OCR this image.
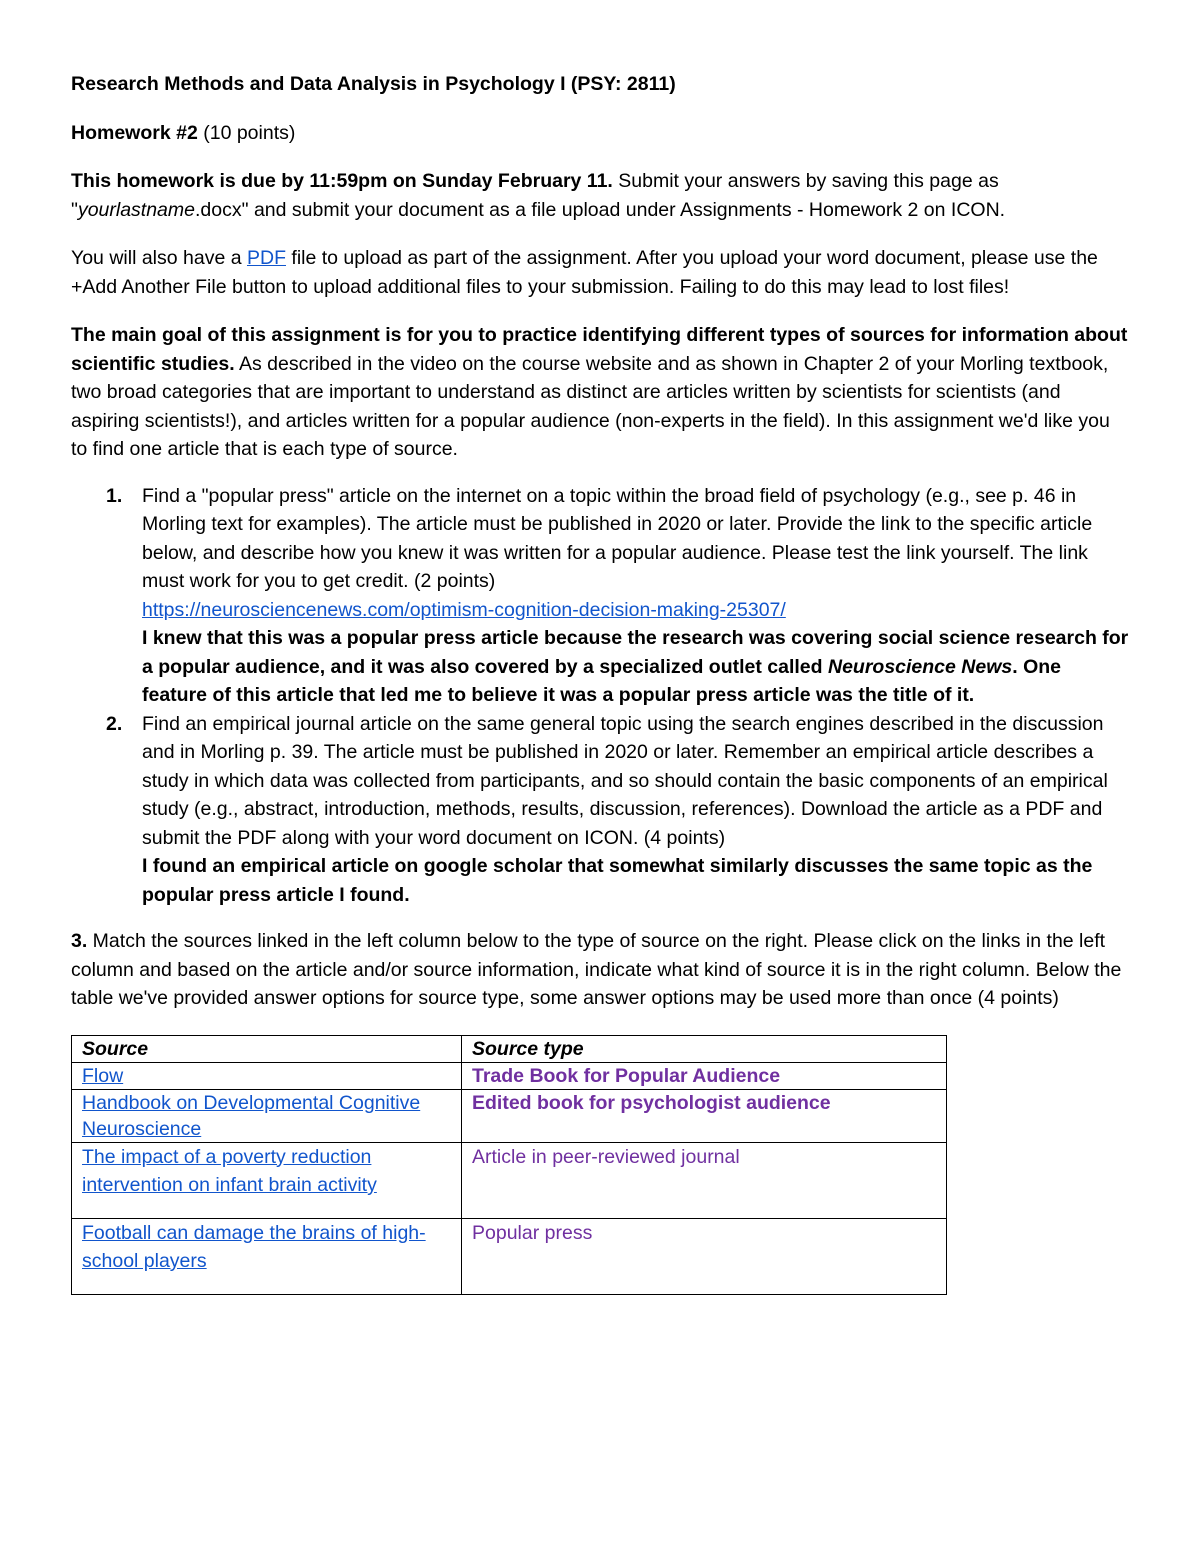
Research Methods and Data Analysis in Psychology I (PSY: 2811)

Homework #2 (10 points)

This homework is due by 11:59pm on Sunday February 11. Submit your answers by saving this page as "yourlastname.docx" and submit your document as a file upload under Assignments - Homework 2 on ICON.

You will also have a PDF file to upload as part of the assignment. After you upload your word document, please use the +Add Another File button to upload additional files to your submission. Failing to do this may lead to lost files!

The main goal of this assignment is for you to practice identifying different types of sources for information about scientific studies. As described in the video on the course website and as shown in Chapter 2 of your Morling textbook, two broad categories that are important to understand as distinct are articles written by scientists for scientists (and aspiring scientists!), and articles written for a popular audience (non-experts in the field). In this assignment we'd like you to find one article that is each type of source.

1. Find a "popular press" article on the internet on a topic within the broad field of psychology (e.g., see p. 46 in Morling text for examples). The article must be published in 2020 or later. Provide the link to the specific article below, and describe how you knew it was written for a popular audience. Please test the link yourself. The link must work for you to get credit. (2 points)
https://neurosciencenews.com/optimism-cognition-decision-making-25307/
I knew that this was a popular press article because the research was covering social science research for a popular audience, and it was also covered by a specialized outlet called Neuroscience News. One feature of this article that led me to believe it was a popular press article was the title of it.
2. Find an empirical journal article on the same general topic using the search engines described in the discussion and in Morling p. 39. The article must be published in 2020 or later. Remember an empirical article describes a study in which data was collected from participants, and so should contain the basic components of an empirical study (e.g., abstract, introduction, methods, results, discussion, references). Download the article as a PDF and submit the PDF along with your word document on ICON. (4 points)
I found an empirical article on google scholar that somewhat similarly discusses the same topic as the popular press article I found.

3. Match the sources linked in the left column below to the type of source on the right. Please click on the links in the left column and based on the article and/or source information, indicate what kind of source it is in the right column. Below the table we've provided answer options for source type, some answer options may be used more than once (4 points)

Source	Source type
Flow	Trade Book for Popular Audience
Handbook on Developmental Cognitive Neuroscience	Edited book for psychologist audience
The impact of a poverty reduction intervention on infant brain activity	Article in peer-reviewed journal
Football can damage the brains of high-school players	Popular press
